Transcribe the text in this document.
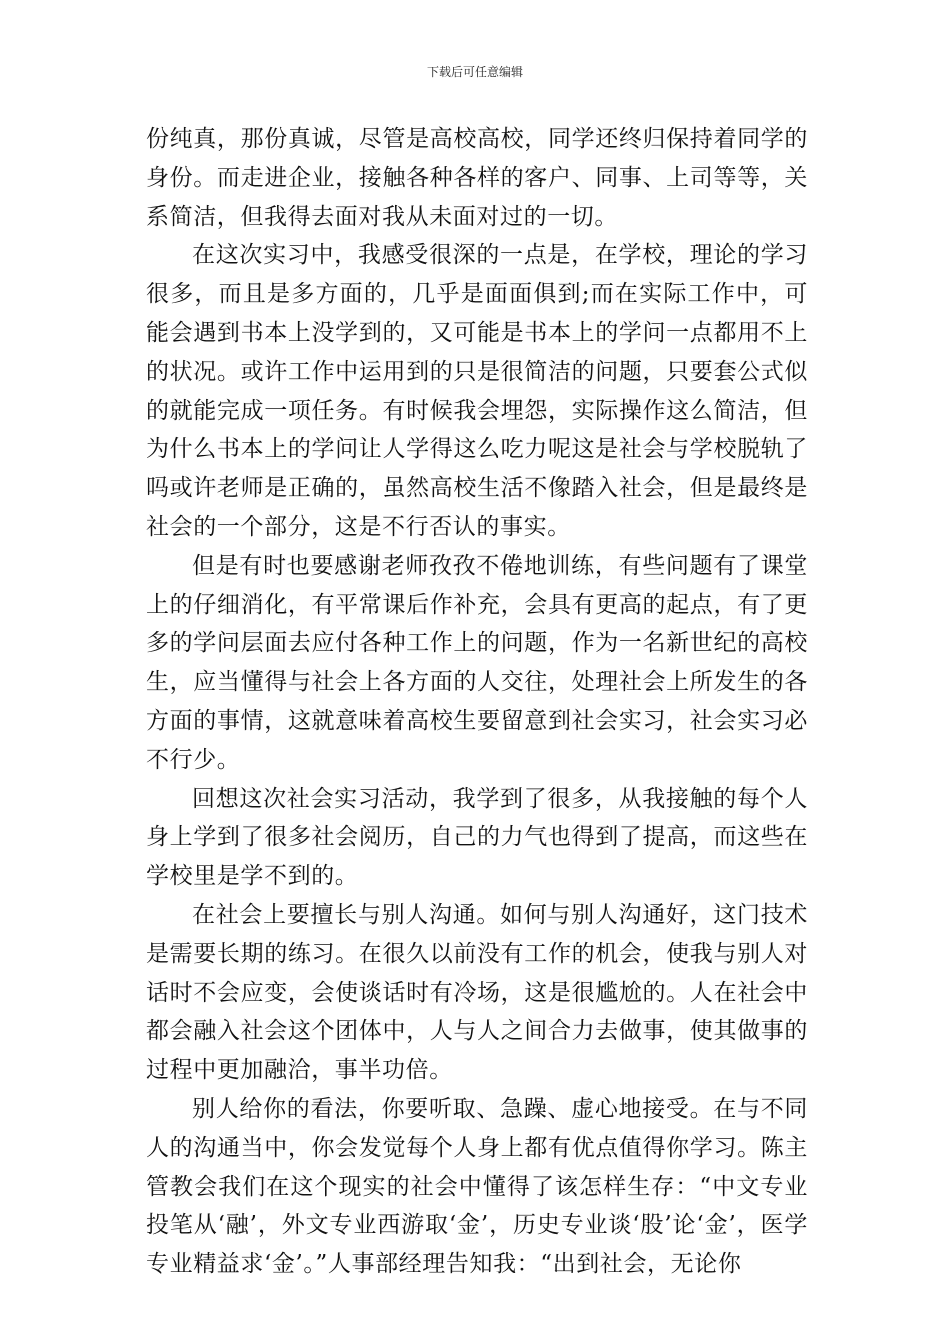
下载后可任意编辑

份纯真，那份真诚，尽管是高校高校，同学还终归保持着同学的身份。而走进企业，接触各种各样的客户、同事、上司等等，关系简洁，但我得去面对我从未面对过的一切。

在这次实习中，我感受很深的一点是，在学校，理论的学习很多，而且是多方面的，几乎是面面俱到;而在实际工作中，可能会遇到书本上没学到的，又可能是书本上的学问一点都用不上的状况。或许工作中运用到的只是很简洁的问题，只要套公式似的就能完成一项任务。有时候我会埋怨，实际操作这么简洁，但为什么书本上的学问让人学得这么吃力呢这是社会与学校脱轨了吗或许老师是正确的，虽然高校生活不像踏入社会，但是最终是社会的一个部分，这是不行否认的事实。

但是有时也要感谢老师孜孜不倦地训练，有些问题有了课堂上的仔细消化，有平常课后作补充，会具有更高的起点，有了更多的学问层面去应付各种工作上的问题，作为一名新世纪的高校生，应当懂得与社会上各方面的人交往，处理社会上所发生的各方面的事情，这就意味着高校生要留意到社会实习，社会实习必不行少。

回想这次社会实习活动，我学到了很多，从我接触的每个人身上学到了很多社会阅历，自己的力气也得到了提高，而这些在学校里是学不到的。

在社会上要擅长与别人沟通。如何与别人沟通好，这门技术是需要长期的练习。在很久以前没有工作的机会，使我与别人对话时不会应变，会使谈话时有冷场，这是很尴尬的。人在社会中都会融入社会这个团体中，人与人之间合力去做事，使其做事的过程中更加融洽，事半功倍。

别人给你的看法，你要听取、急躁、虚心地接受。在与不同人的沟通当中，你会发觉每个人身上都有优点值得你学习。陈主管教会我们在这个现实的社会中懂得了该怎样生存：“中文专业投笔从‘融’，外文专业西游取‘金’，历史专业谈‘股’论‘金’，医学专业精益求‘金’。”人事部经理告知我：“出到社会，无论你
